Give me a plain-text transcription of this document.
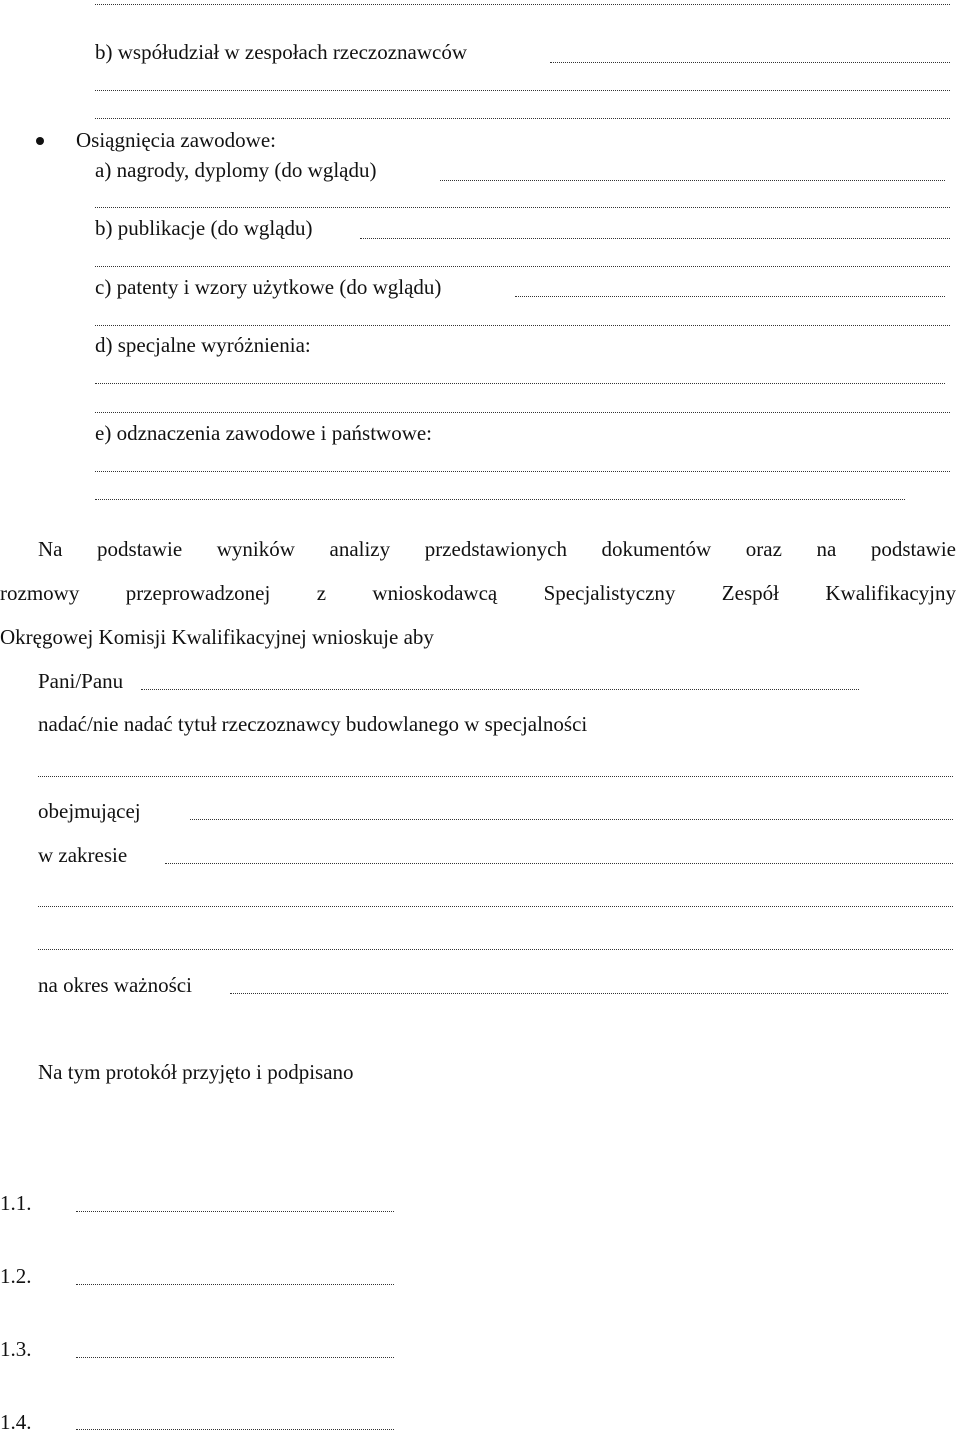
b) współudział w zespołach rzeczoznawców
Osiągnięcia zawodowe:
a) nagrody, dyplomy (do wglądu)
b) publikacje (do wglądu)
c) patenty i wzory użytkowe (do wglądu)
d) specjalne wyróżnienia:
e) odznaczenia zawodowe i państwowe:
Na podstawie wyników analizy przedstawionych dokumentów oraz na podstawie
rozmowy przeprowadzonej z wnioskodawcą Specjalistyczny Zespół Kwalifikacyjny
Okręgowej Komisji Kwalifikacyjnej wnioskuje aby
Pani/Panu
nadać/nie nadać tytuł rzeczoznawcy budowlanego w specjalności
obejmującej
w zakresie
na okres ważności
Na tym protokół przyjęto i podpisano
1.1.
1.2.
1.3.
1.4.
